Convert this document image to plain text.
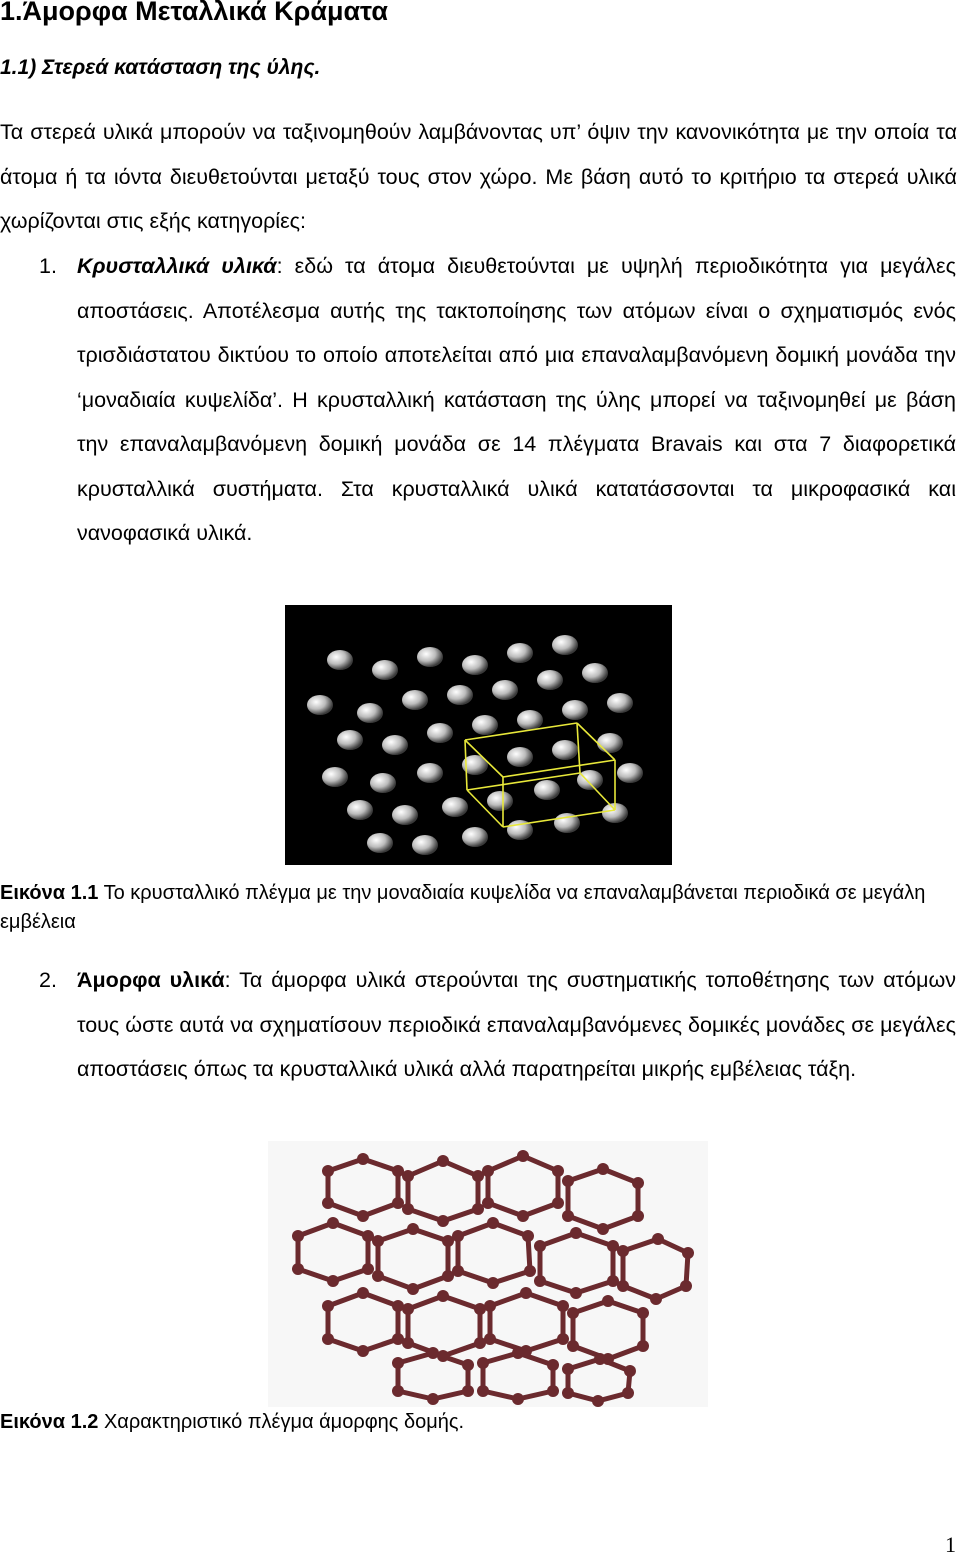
1.Άμορφα Μεταλλικά Κράματα
1.1) Στερεά κατάσταση της ύλης.

Τα στερεά υλικά μπορούν να ταξινομηθούν λαμβάνοντας υπ’ όψιν την κανονικότητα με την οποία τα άτομα ή τα ιόντα διευθετούνται μεταξύ τους στον χώρο. Με βάση αυτό το κριτήριο τα στερεά υλικά χωρίζονται στις εξής κατηγορίες:

1. Κρυσταλλικά υλικά: εδώ τα άτομα διευθετούνται με υψηλή περιοδικότητα για μεγάλες αποστάσεις. Αποτέλεσμα αυτής της τακτοποίησης των ατόμων είναι ο σχηματισμός ενός τρισδιάστατου δικτύου το οποίο αποτελείται από μια επαναλαμβανόμενη δομική μονάδα την ‘μοναδιαία κυψελίδα’. Η κρυσταλλική κατάσταση της ύλης μπορεί να ταξινομηθεί με βάση την επαναλαμβανόμενη δομική μονάδα σε 14 πλέγματα Bravais και στα 7 διαφορετικά κρυσταλλικά συστήματα. Στα κρυσταλλικά υλικά κατατάσσονται τα μικροφασικά και νανοφασικά υλικά.
Εικόνα 1.1 Το κρυσταλλικό πλέγμα με την μοναδιαία κυψελίδα να επαναλαμβάνεται περιοδικά σε μεγάλη εμβέλεια
2. Άμορφα υλικά: Τα άμορφα υλικά στερούνται της συστηματικής τοποθέτησης των ατόμων τους ώστε αυτά να σχηματίσουν περιοδικά επαναλαμβανόμενες δομικές μονάδες σε μεγάλες αποστάσεις όπως τα κρυσταλλικά υλικά αλλά παρατηρείται μικρής εμβέλειας τάξη.
Εικόνα 1.2 Χαρακτηριστικό πλέγμα άμορφης δομής.
1
